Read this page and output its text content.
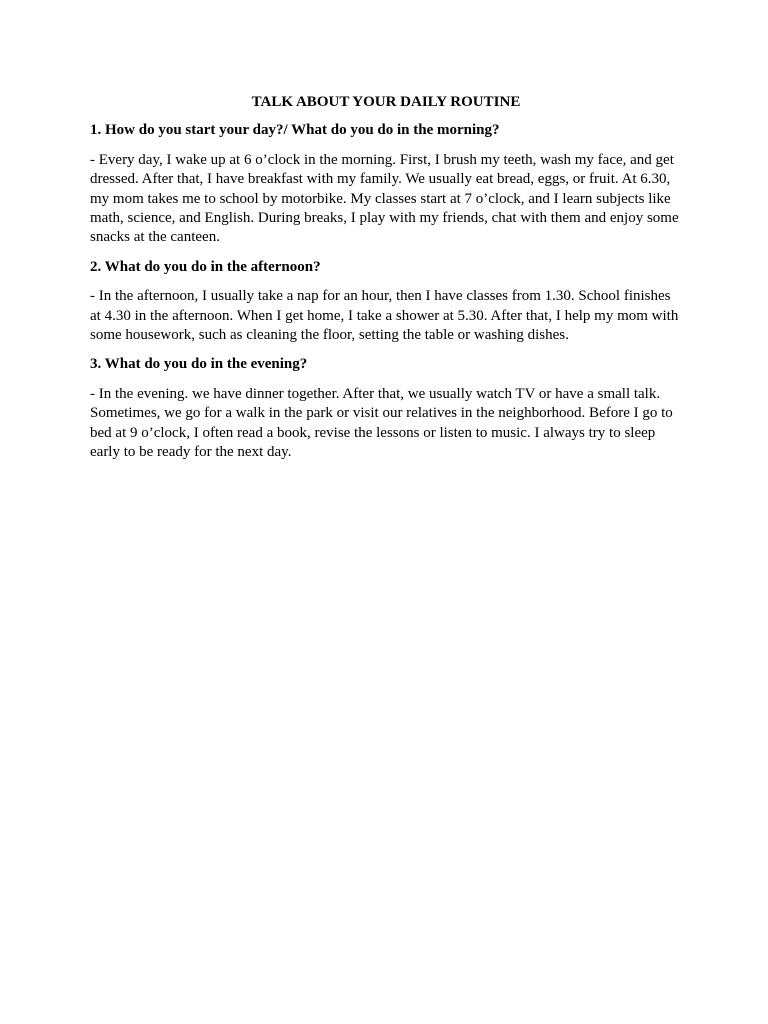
TALK ABOUT YOUR DAILY ROUTINE

1. How do you start your day?/ What do you do in the morning?

- Every day, I wake up at 6 o’clock in the morning. First, I brush my teeth, wash my face, and get dressed. After that, I have breakfast with my family. We usually eat bread, eggs, or fruit. At 6.30, my mom takes me to school by motorbike. My classes start at 7 o’clock, and I learn subjects like math, science, and English. During breaks, I play with my friends, chat with them and enjoy some snacks at the canteen.

2. What do you do in the afternoon?

- In the afternoon, I usually take a nap for an hour, then I have classes from 1.30. School finishes at 4.30 in the afternoon. When I get home, I take a shower at 5.30. After that, I help my mom with some housework, such as cleaning the floor, setting the table or washing dishes.

3. What do you do in the evening?

- In the evening. we have dinner together. After that, we usually watch TV or have a small talk. Sometimes, we go for a walk in the park or visit our relatives in the neighborhood. Before I go to bed at 9 o’clock, I often read a book, revise the lessons or listen to music. I always try to sleep early to be ready for the next day.
